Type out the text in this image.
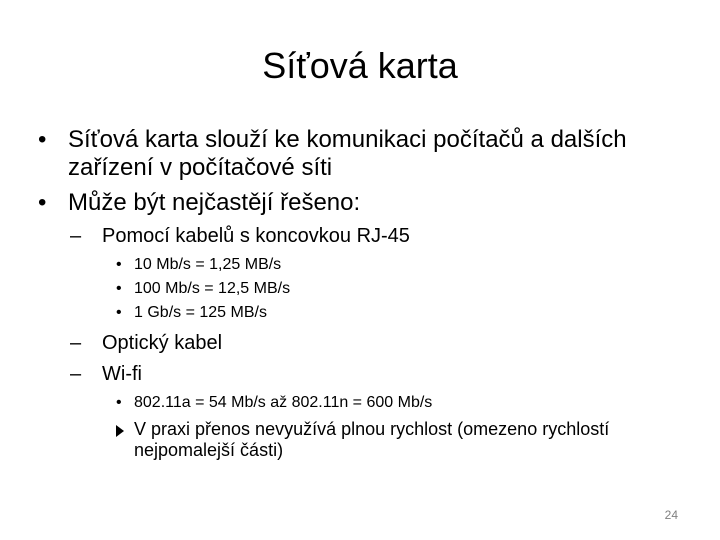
Síťová karta
• Síťová karta slouží ke komunikaci počítačů a dalších zařízení v počítačové síti
• Může být nejčastějí řešeno:
– Pomocí kabelů s koncovkou RJ-45
• 10 Mb/s = 1,25 MB/s
• 100 Mb/s = 12,5 MB/s
• 1 Gb/s = 125 MB/s
– Optický kabel
– Wi-fi
• 802.11a = 54 Mb/s až 802.11n = 600 Mb/s
V praxi přenos nevyužívá plnou rychlost (omezeno rychlostí nejpomalejší části)
24
